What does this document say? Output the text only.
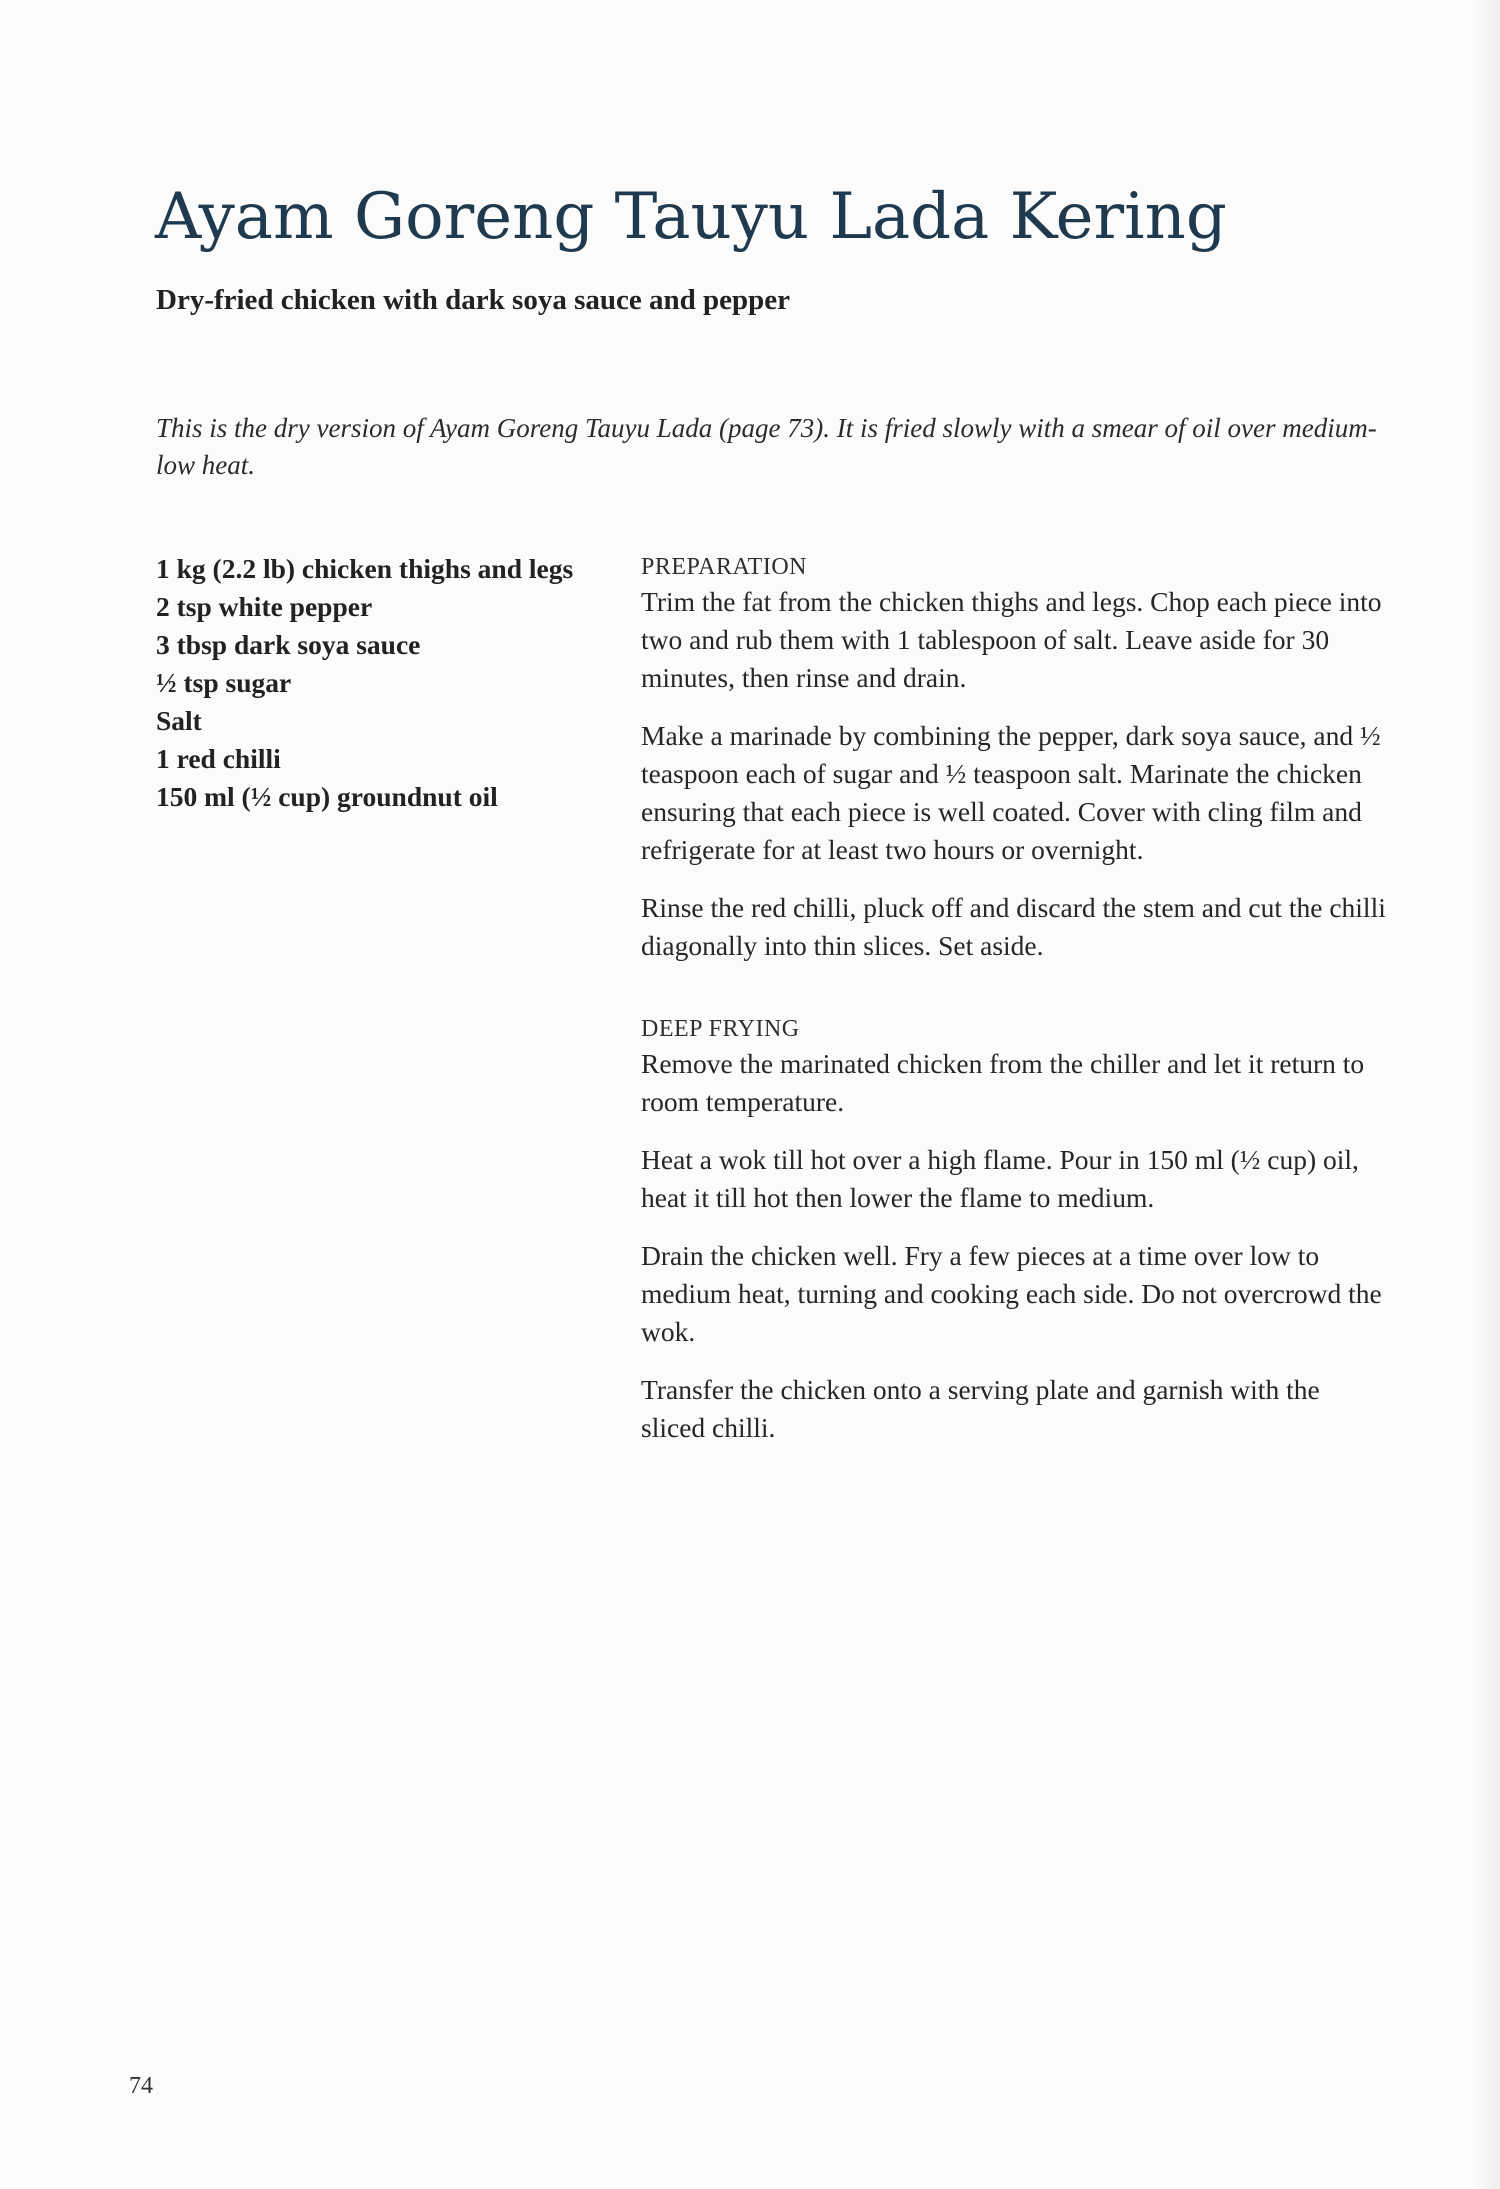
Ayam Goreng Tauyu Lada Kering
Dry-fried chicken with dark soya sauce and pepper

This is the dry version of Ayam Goreng Tauyu Lada (page 73). It is fried slowly with a smear of oil over medium-low heat.

1 kg (2.2 lb) chicken thighs and legs
2 tsp white pepper
3 tbsp dark soya sauce
½ tsp sugar
Salt
1 red chilli
150 ml (½ cup) groundnut oil
PREPARATION

Trim the fat from the chicken thighs and legs. Chop each piece into two and rub them with 1 tablespoon of salt. Leave aside for 30 minutes, then rinse and drain.

Make a marinade by combining the pepper, dark soya sauce, and ½ teaspoon each of sugar and ½ teaspoon salt. Marinate the chicken ensuring that each piece is well coated. Cover with cling film and refrigerate for at least two hours or overnight.

Rinse the red chilli, pluck off and discard the stem and cut the chilli diagonally into thin slices. Set aside.

DEEP FRYING

Remove the marinated chicken from the chiller and let it return to room temperature.

Heat a wok till hot over a high flame. Pour in 150 ml (½ cup) oil, heat it till hot then lower the flame to medium.

Drain the chicken well. Fry a few pieces at a time over low to medium heat, turning and cooking each side. Do not overcrowd the wok.

Transfer the chicken onto a serving plate and garnish with the sliced chilli.

74
